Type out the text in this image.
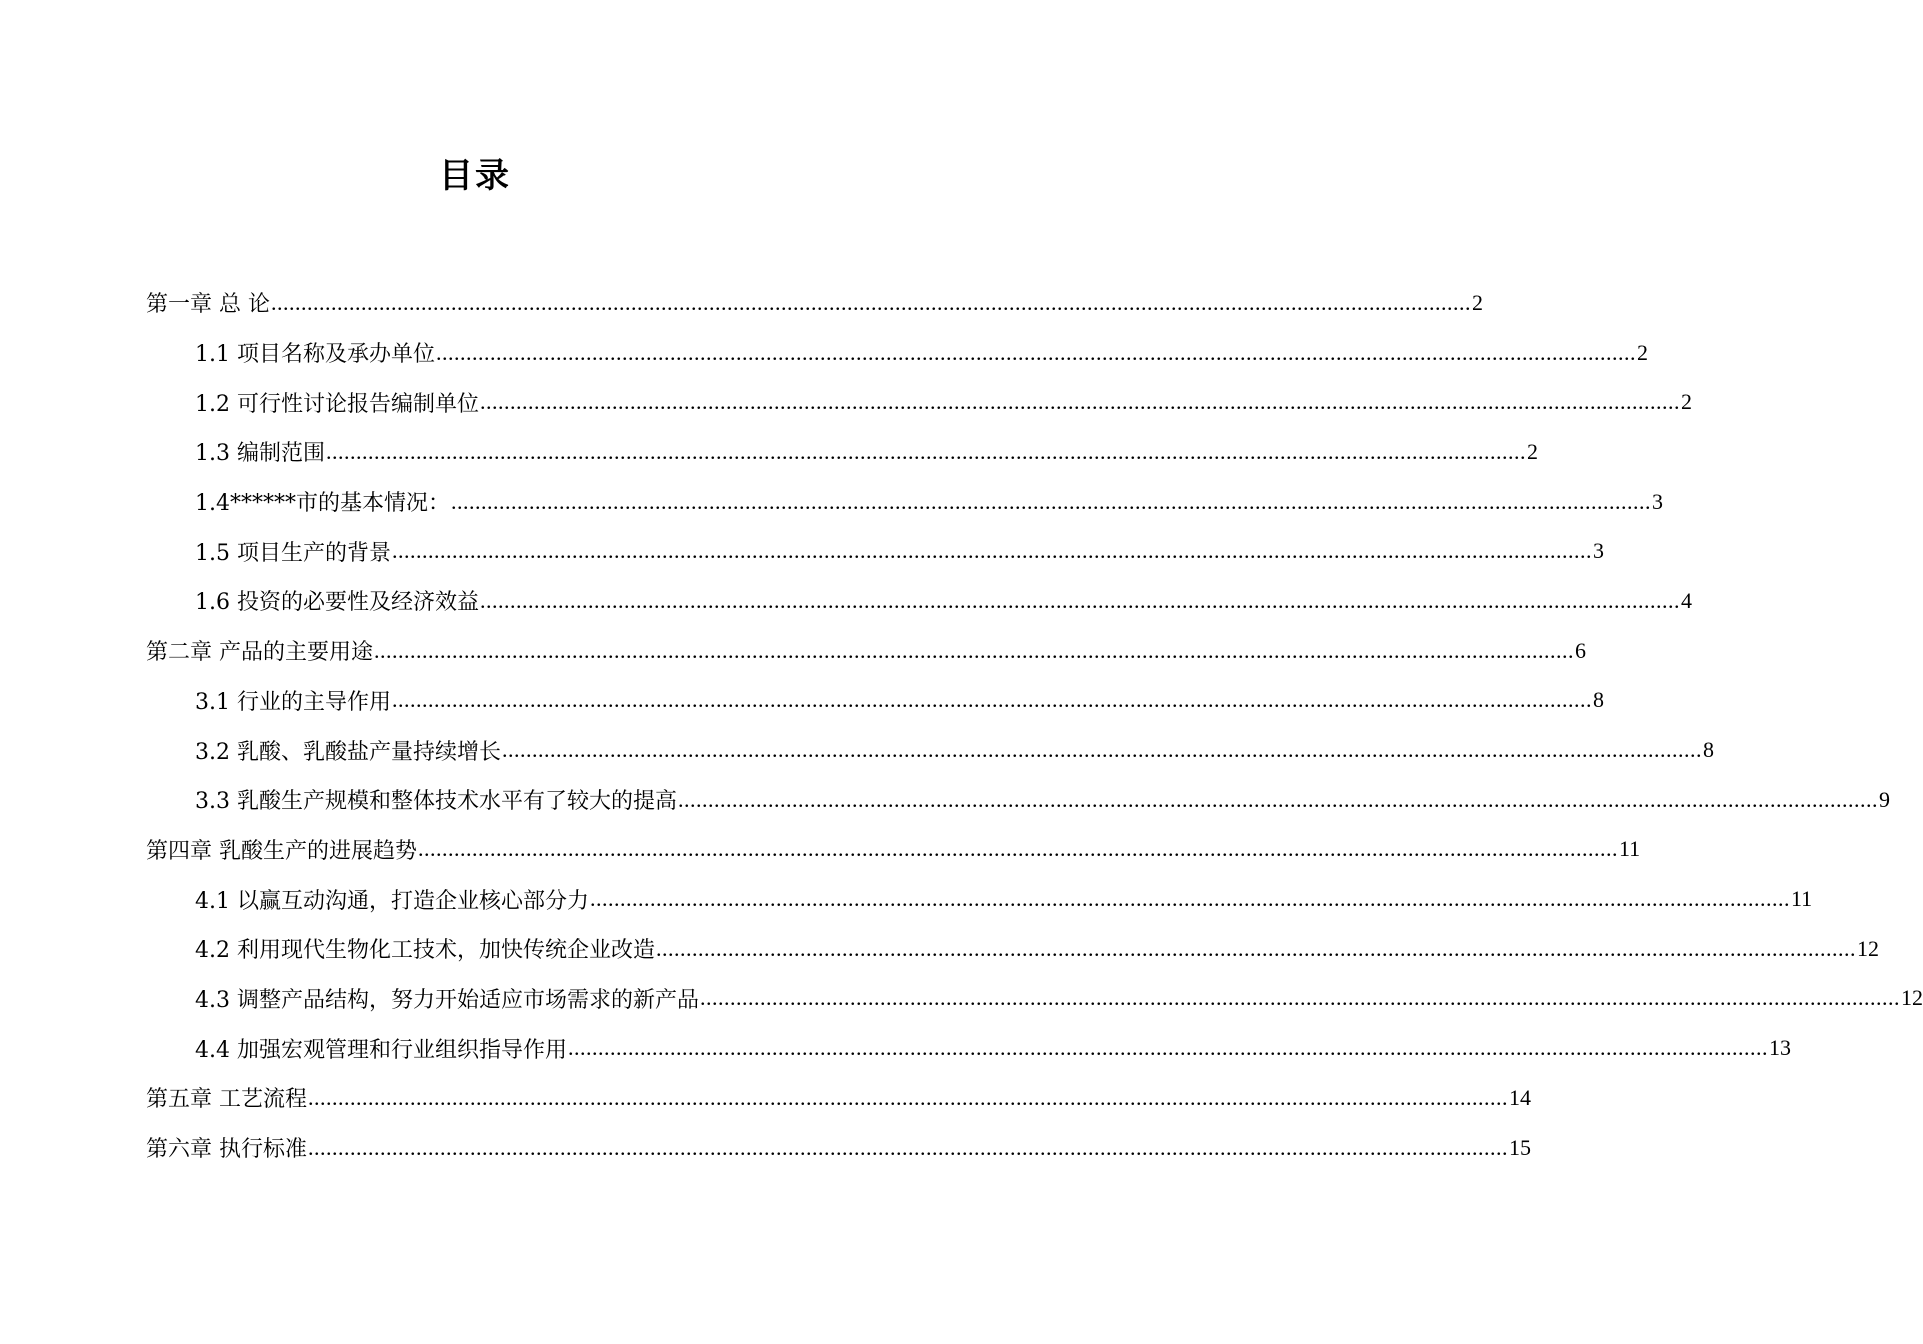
目录
第一章 总 论 ........................................................................................................................................................................................................ 2
1.1 项目名称及承办单位 ........................................................................................................................................................................................................ 2
1.2 可行性讨论报告编制单位 ........................................................................................................................................................................................................ 2
1.3 编制范围 ........................................................................................................................................................................................................ 2
1.4******市的基本情况： ........................................................................................................................................................................................................ 3
1.5 项目生产的背景 ........................................................................................................................................................................................................ 3
1.6 投资的必要性及经济效益 ........................................................................................................................................................................................................ 4
第二章 产品的主要用途 ........................................................................................................................................................................................................ 6
3.1 行业的主导作用 ........................................................................................................................................................................................................ 8
3.2 乳酸、乳酸盐产量持续增长 ........................................................................................................................................................................................................ 8
3.3 乳酸生产规模和整体技术水平有了较大的提高 ........................................................................................................................................................................................................ 9
第四章 乳酸生产的进展趋势 ........................................................................................................................................................................................................ 11
4.1 以赢互动沟通，打造企业核心部分力 ........................................................................................................................................................................................................ 11
4.2 利用现代生物化工技术，加快传统企业改造 ........................................................................................................................................................................................................ 12
4.3 调整产品结构，努力开始适应市场需求的新产品 ........................................................................................................................................................................................................ 12
4.4 加强宏观管理和行业组织指导作用 ........................................................................................................................................................................................................ 13
第五章 工艺流程 ........................................................................................................................................................................................................ 14
第六章 执行标准 ........................................................................................................................................................................................................ 15
